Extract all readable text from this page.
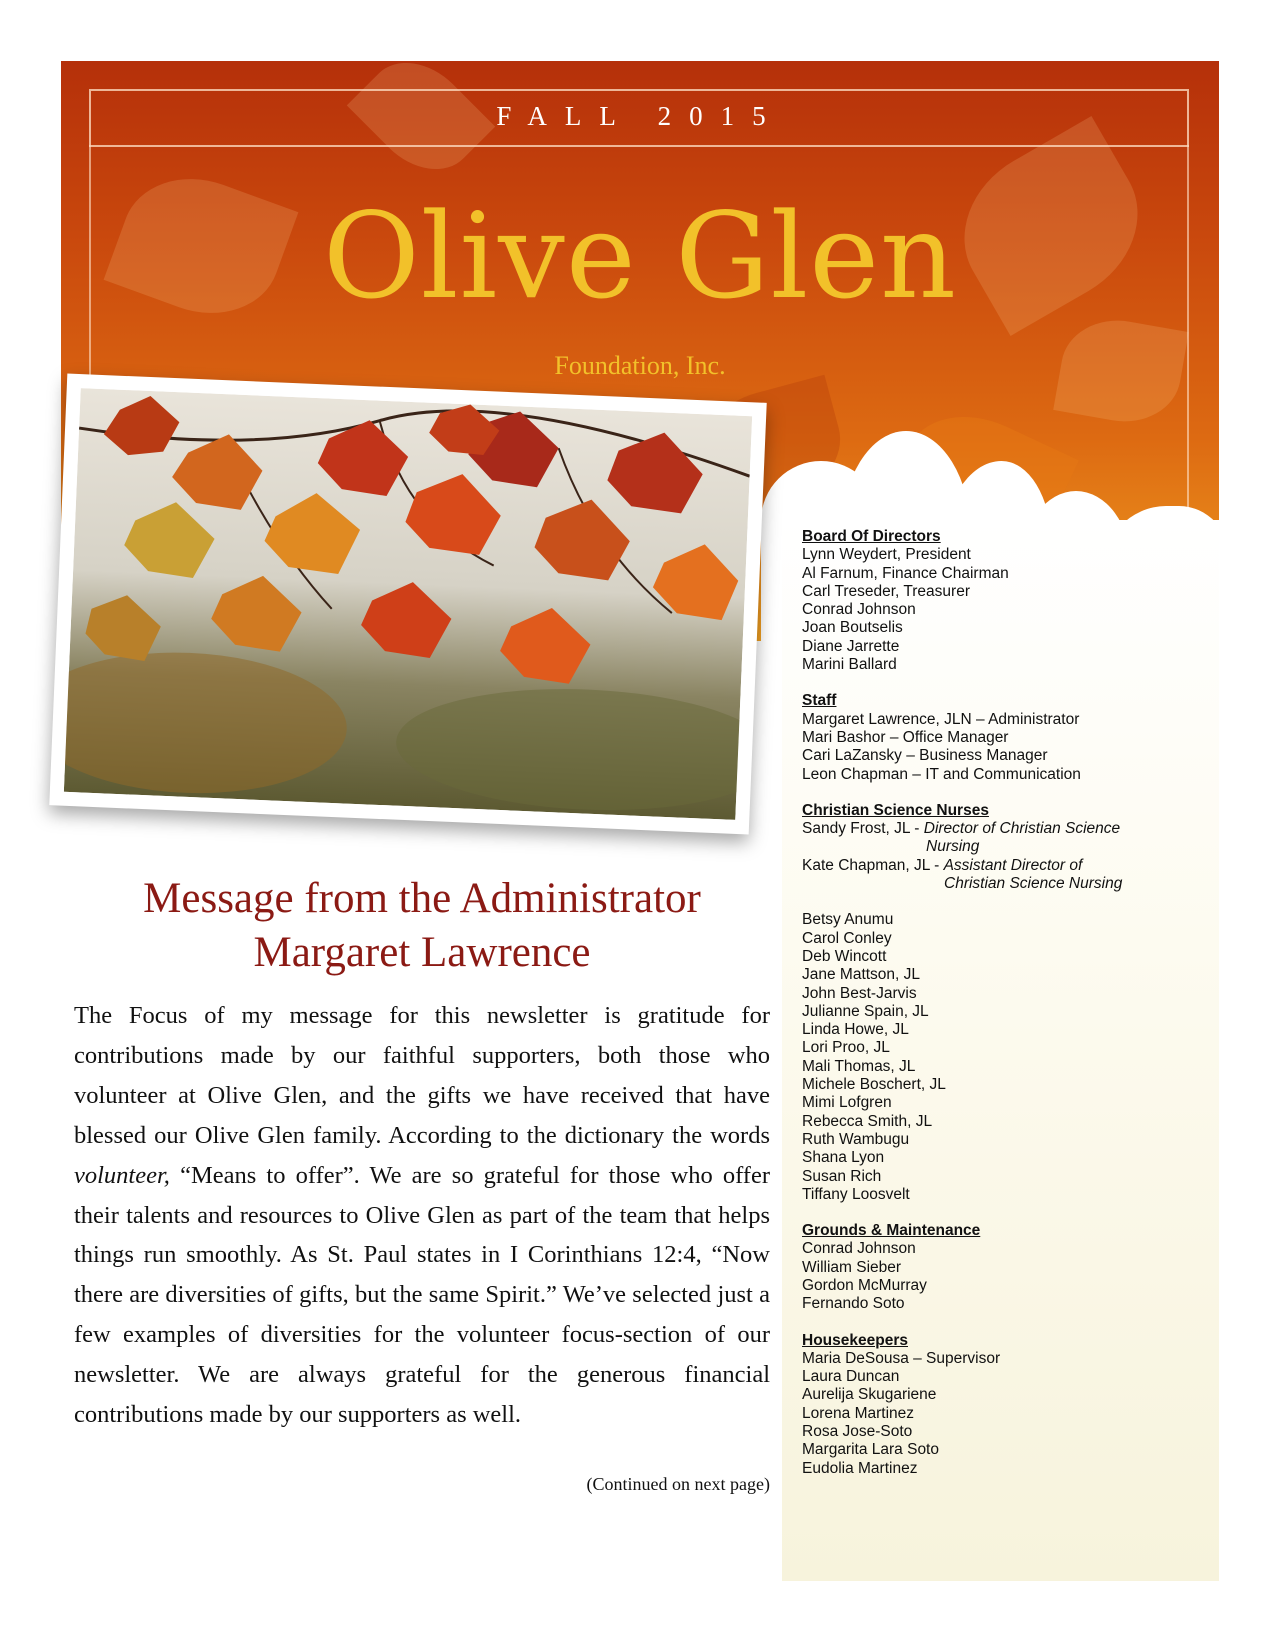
FALL 2015
Olive Glen
Foundation, Inc.
Board Of Directors
Lynn Weydert, President
Al Farnum, Finance Chairman
Carl Treseder, Treasurer
Conrad Johnson
Joan Boutselis
Diane Jarrette
Marini Ballard
Staff
Margaret Lawrence, JLN – Administrator
Mari Bashor – Office Manager
Cari LaZansky – Business Manager
Leon Chapman – IT and Communication
Christian Science Nurses
Sandy Frost, JL - Director of Christian Science
Nursing
Kate Chapman, JL - Assistant Director of
Christian Science Nursing
Betsy Anumu
Carol Conley
Deb Wincott
Jane Mattson, JL
John Best-Jarvis
Julianne Spain, JL
Linda Howe, JL
Lori Proo, JL
Mali Thomas, JL
Michele Boschert, JL
Mimi Lofgren
Rebecca Smith, JL
Ruth Wambugu
Shana Lyon
Susan Rich
Tiffany Loosvelt
Grounds & Maintenance
Conrad Johnson
William Sieber
Gordon McMurray
Fernando Soto
Housekeepers
Maria DeSousa – Supervisor
Laura Duncan
Aurelija Skugariene
Lorena Martinez
Rosa Jose-Soto
Margarita Lara Soto
Eudolia Martinez
Message from the Administrator
Margaret Lawrence
The Focus of my message for this newsletter is gratitude for contributions made by our faithful supporters, both those who volunteer at Olive Glen, and the gifts we have received that have blessed our Olive Glen family. According to the dictionary the words volunteer, “Means to offer”. We are so grateful for those who offer their talents and resources to Olive Glen as part of the team that helps things run smoothly. As St. Paul states in I Corinthians 12:4, “Now there are diversities of gifts, but the same Spirit.” We’ve selected just a few examples of diversities for the volunteer focus-section of our newsletter. We are always grateful for the generous financial contributions made by our supporters as well.
(Continued on next page)
